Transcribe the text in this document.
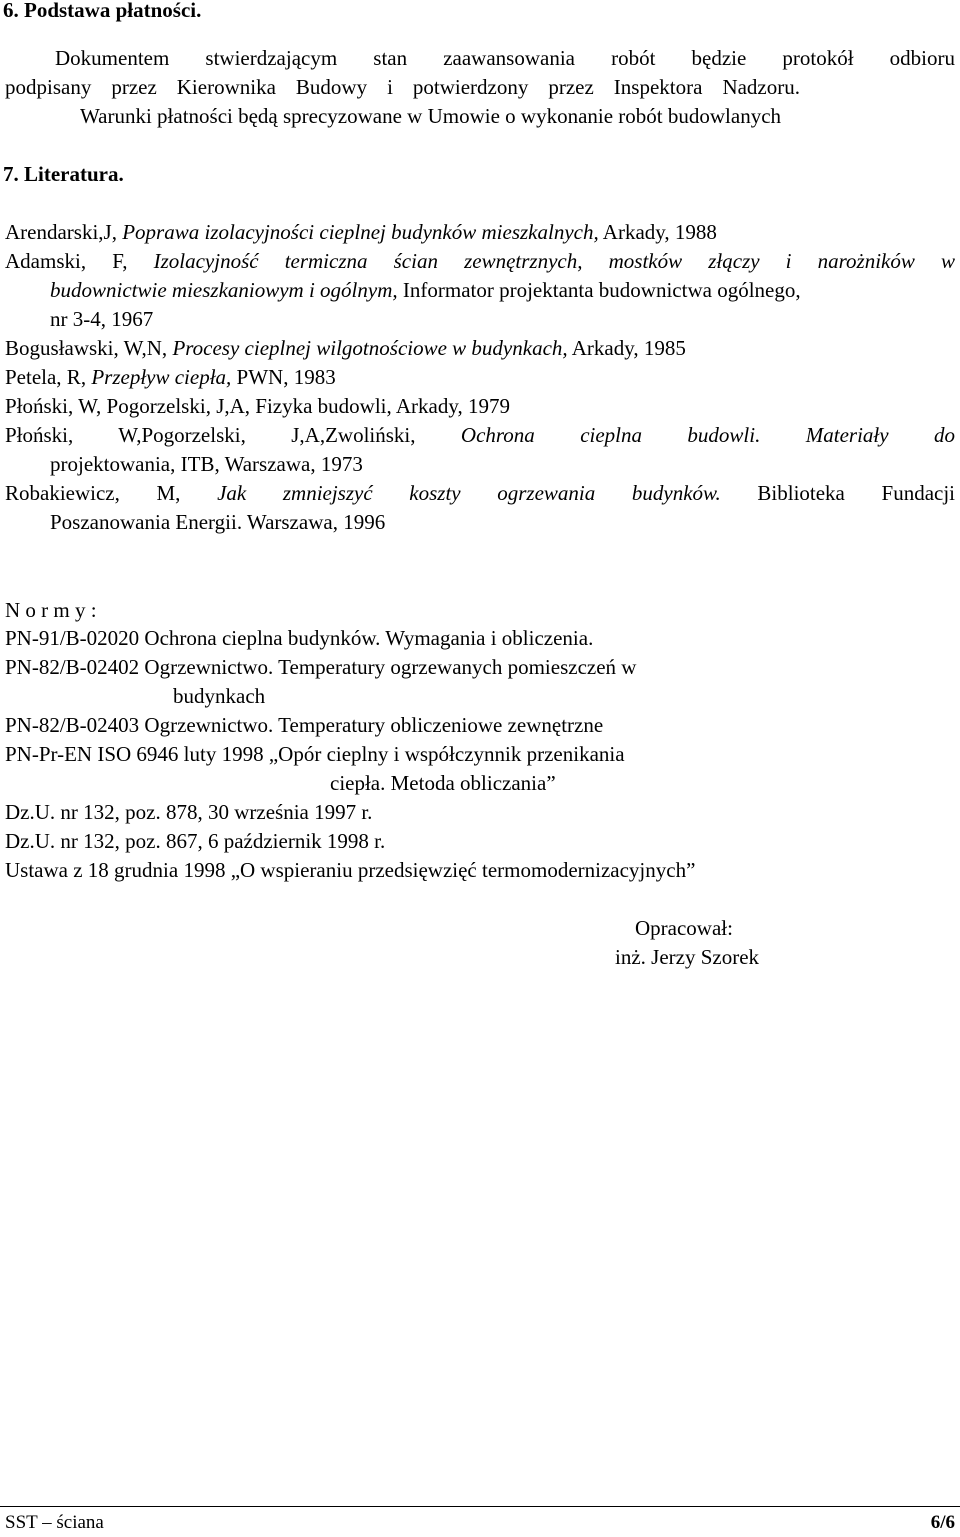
6. Podstawa płatności.
Dokumentem stwierdzającym stan zaawansowania robót będzie protokół odbioru
podpisany przez Kierownika Budowy i potwierdzony przez Inspektora Nadzoru.
Warunki płatności będą sprecyzowane w Umowie o wykonanie robót budowlanych
7. Literatura.
Arendarski,J, Poprawa izolacyjności cieplnej budynków mieszkalnych, Arkady, 1988
Adamski, F, Izolacyjność termiczna ścian zewnętrznych, mostków złączy i narożników w
budownictwie mieszkaniowym i ogólnym, Informator projektanta budownictwa ogólnego,
nr 3-4, 1967
Bogusławski, W,N, Procesy cieplnej wilgotnościowe w budynkach, Arkady, 1985
Petela, R, Przepływ ciepła, PWN, 1983
Płoński, W, Pogorzelski, J,A, Fizyka budowli, Arkady, 1979
Płoński, W,Pogorzelski, J,A,Zwoliński, Ochrona cieplna budowli. Materiały do
projektowania, ITB, Warszawa, 1973
Robakiewicz, M, Jak zmniejszyć koszty ogrzewania budynków. Biblioteka Fundacji
Poszanowania Energii. Warszawa, 1996
N o r m y :
PN-91/B-02020 Ochrona cieplna budynków. Wymagania i obliczenia.
PN-82/B-02402 Ogrzewnictwo. Temperatury ogrzewanych pomieszczeń w
budynkach
PN-82/B-02403 Ogrzewnictwo. Temperatury obliczeniowe zewnętrzne
PN-Pr-EN ISO 6946 luty 1998 „Opór cieplny i współczynnik przenikania
ciepła. Metoda obliczania”
Dz.U. nr 132, poz. 878, 30 września 1997 r.
Dz.U. nr 132, poz. 867, 6 październik 1998 r.
Ustawa z 18 grudnia 1998 „O wspieraniu przedsięwzięć termomodernizacyjnych”
Opracował:
inż. Jerzy Szorek
SST – ściana	6/6
